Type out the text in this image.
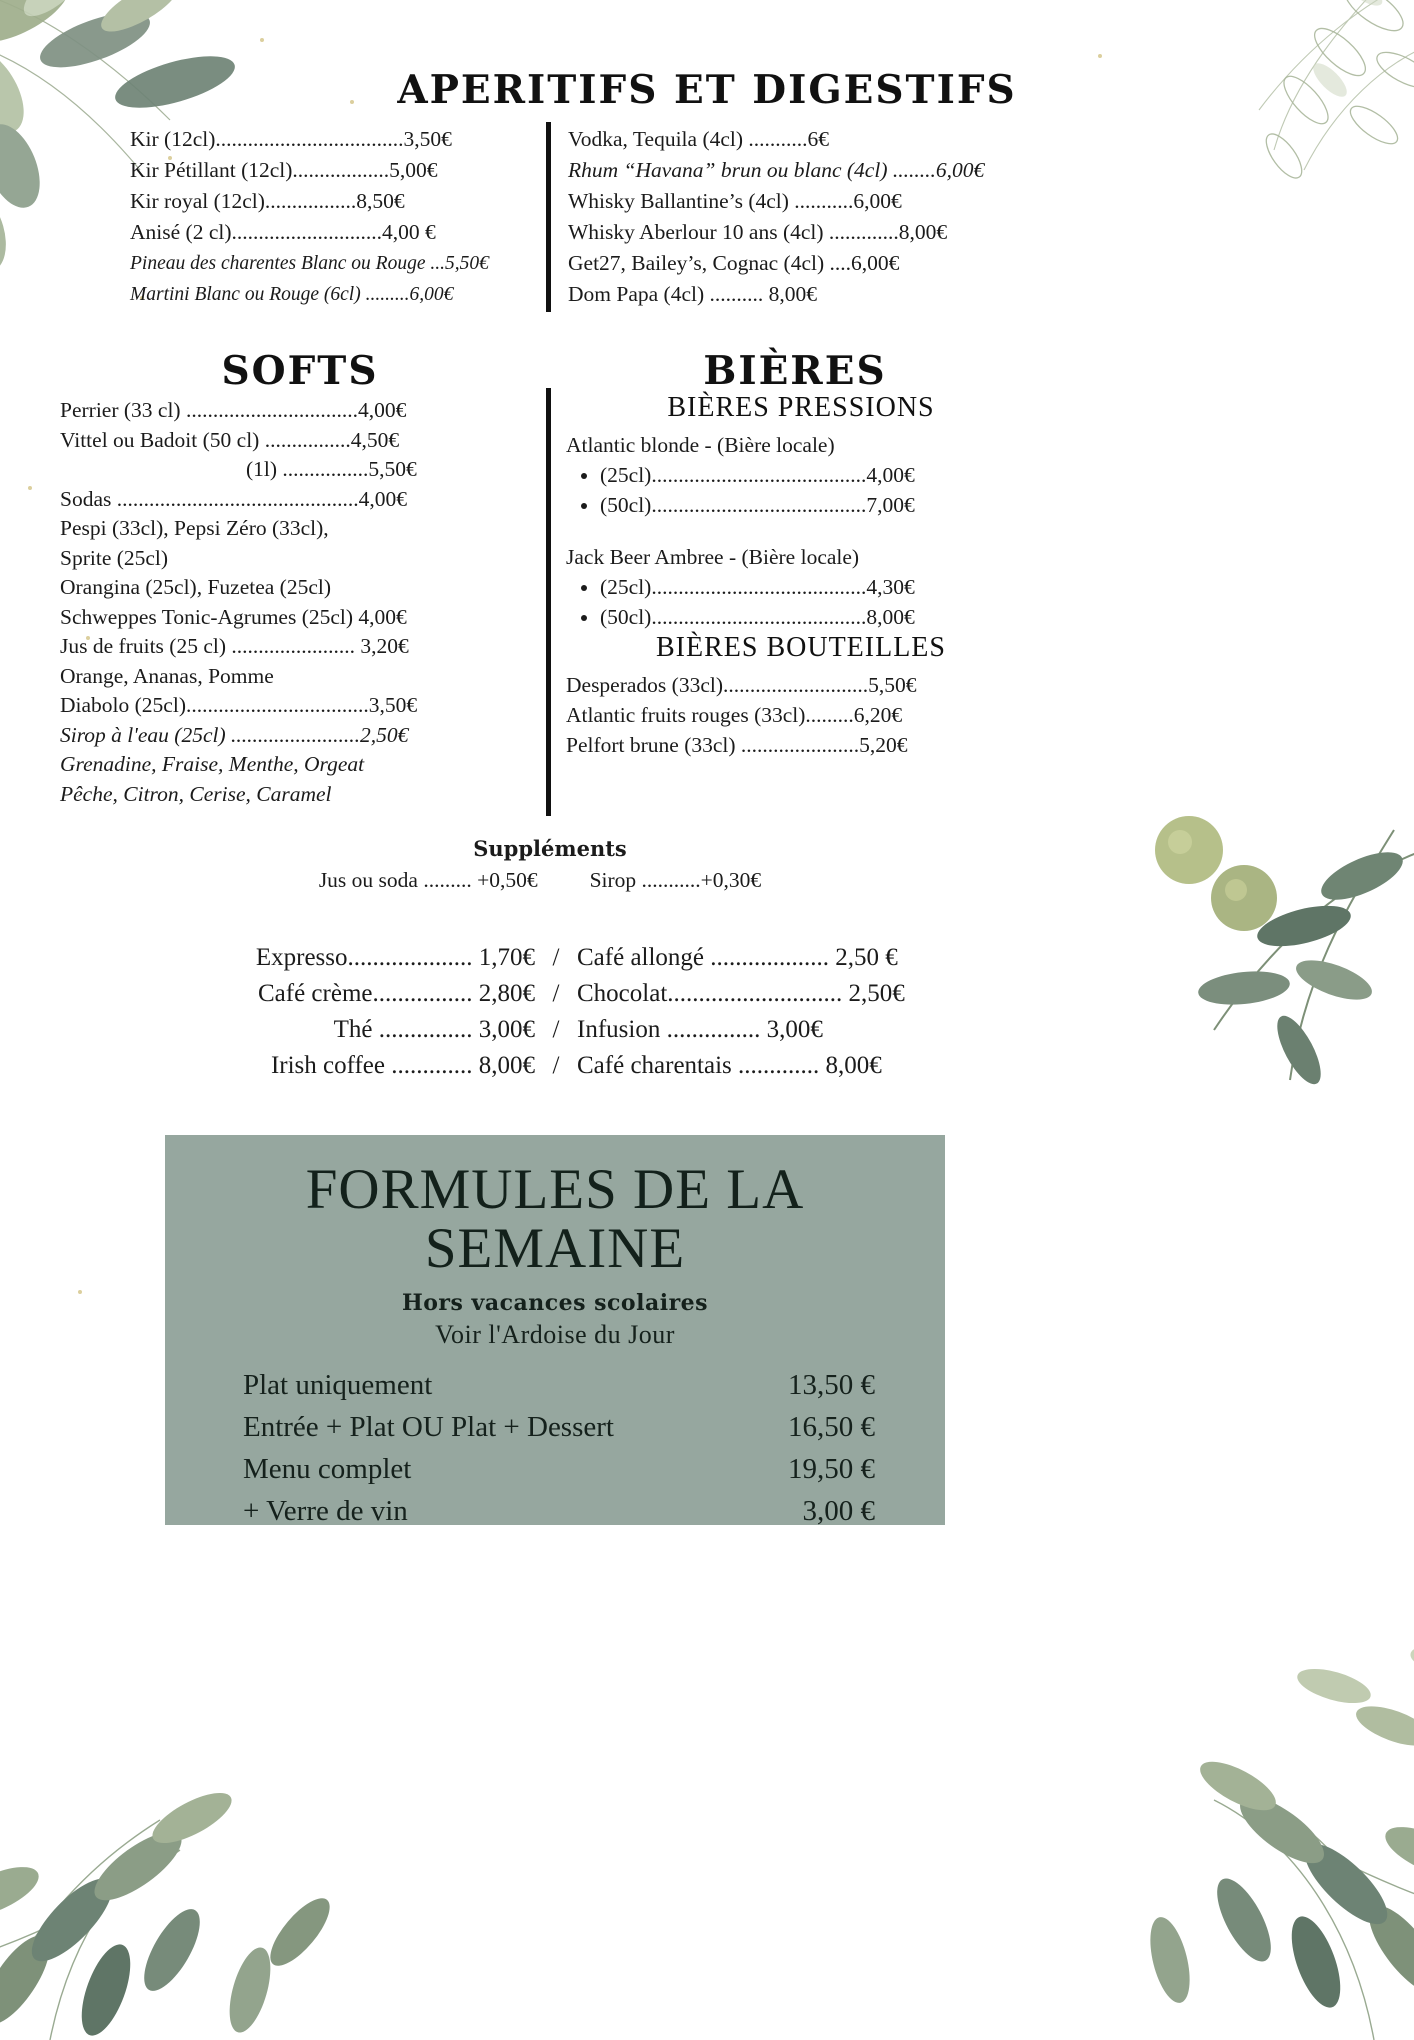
APERITIFS ET DIGESTIFS
Kir (12cl)...................................3,50€
Kir Pétillant (12cl)..................5,00€
Kir royal (12cl).................8,50€
Anisé (2 cl)............................4,00 €
Pineau des charentes Blanc ou Rouge ...5,50€
Martini Blanc ou Rouge (6cl) .........6,00€
Vodka, Tequila (4cl) ...........6€
Rhum “Havana” brun ou blanc (4cl) ........6,00€
Whisky Ballantine’s (4cl) ...........6,00€
Whisky Aberlour 10 ans (4cl) .............8,00€
Get27, Bailey’s, Cognac (4cl) ....6,00€
Dom Papa (4cl) .......... 8,00€
SOFTS
Perrier (33 cl) ................................4,00€
Vittel ou Badoit (50 cl) ................4,50€
(1l) ................5,50€
Sodas .............................................4,00€
Pespi (33cl), Pepsi Zéro (33cl),
Sprite (25cl)
Orangina (25cl), Fuzetea (25cl)
Schweppes Tonic-Agrumes (25cl) 4,00€
Jus de fruits (25 cl) ....................... 3,20€
Orange, Ananas, Pomme
Diabolo (25cl)..................................3,50€
Sirop à l'eau (25cl) ........................2,50€
Grenadine, Fraise, Menthe, Orgeat
Pêche, Citron, Cerise, Caramel
BIÈRES
BIÈRES PRESSIONS
Atlantic blonde - (Bière locale)
• (25cl)........................................4,00€
• (50cl)........................................7,00€
Jack Beer Ambree - (Bière locale)
• (25cl)........................................4,30€
• (50cl)........................................8,00€
BIÈRES BOUTEILLES
Desperados (33cl)...........................5,50€
Atlantic fruits rouges (33cl).........6,20€
Pelfort brune (33cl) ......................5,20€
Suppléments
Jus ou soda ......... +0,50€ Sirop ...........+0,30€
Expresso.................... 1,70€ / Café allongé ................... 2,50 €
Café crème................ 2,80€ / Chocolat............................ 2,50€
Thé ............... 3,00€ / Infusion ............... 3,00€
Irish coffee ............. 8,00€ / Café charentais ............. 8,00€
FORMULES DE LA SEMAINE
Hors vacances scolaires
Voir l'Ardoise du Jour
Plat uniquement	13,50 €
Entrée + Plat OU Plat + Dessert	16,50 €
Menu complet	19,50 €
+ Verre de vin	3,00 €
